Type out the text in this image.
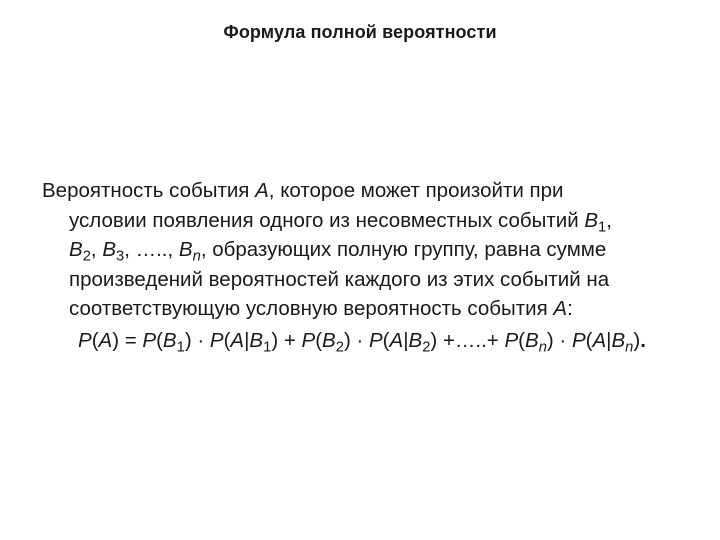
Формула полной вероятности
Вероятность события А, которое может произойти при
условии появления одного из несовместных событий $B_1$,
$B_2$, $B_3$, ….., $B_n$, образующих полную группу, равна сумме
произведений вероятностей каждого из этих событий на
соответствующую условную вероятность события А:
$P(A) = P(B_1) \cdot P(A|B_1) + P(B_2) \cdot P(A|B_2)$ +…..+ $P(B_n) \cdot P(A|B_n)$.
